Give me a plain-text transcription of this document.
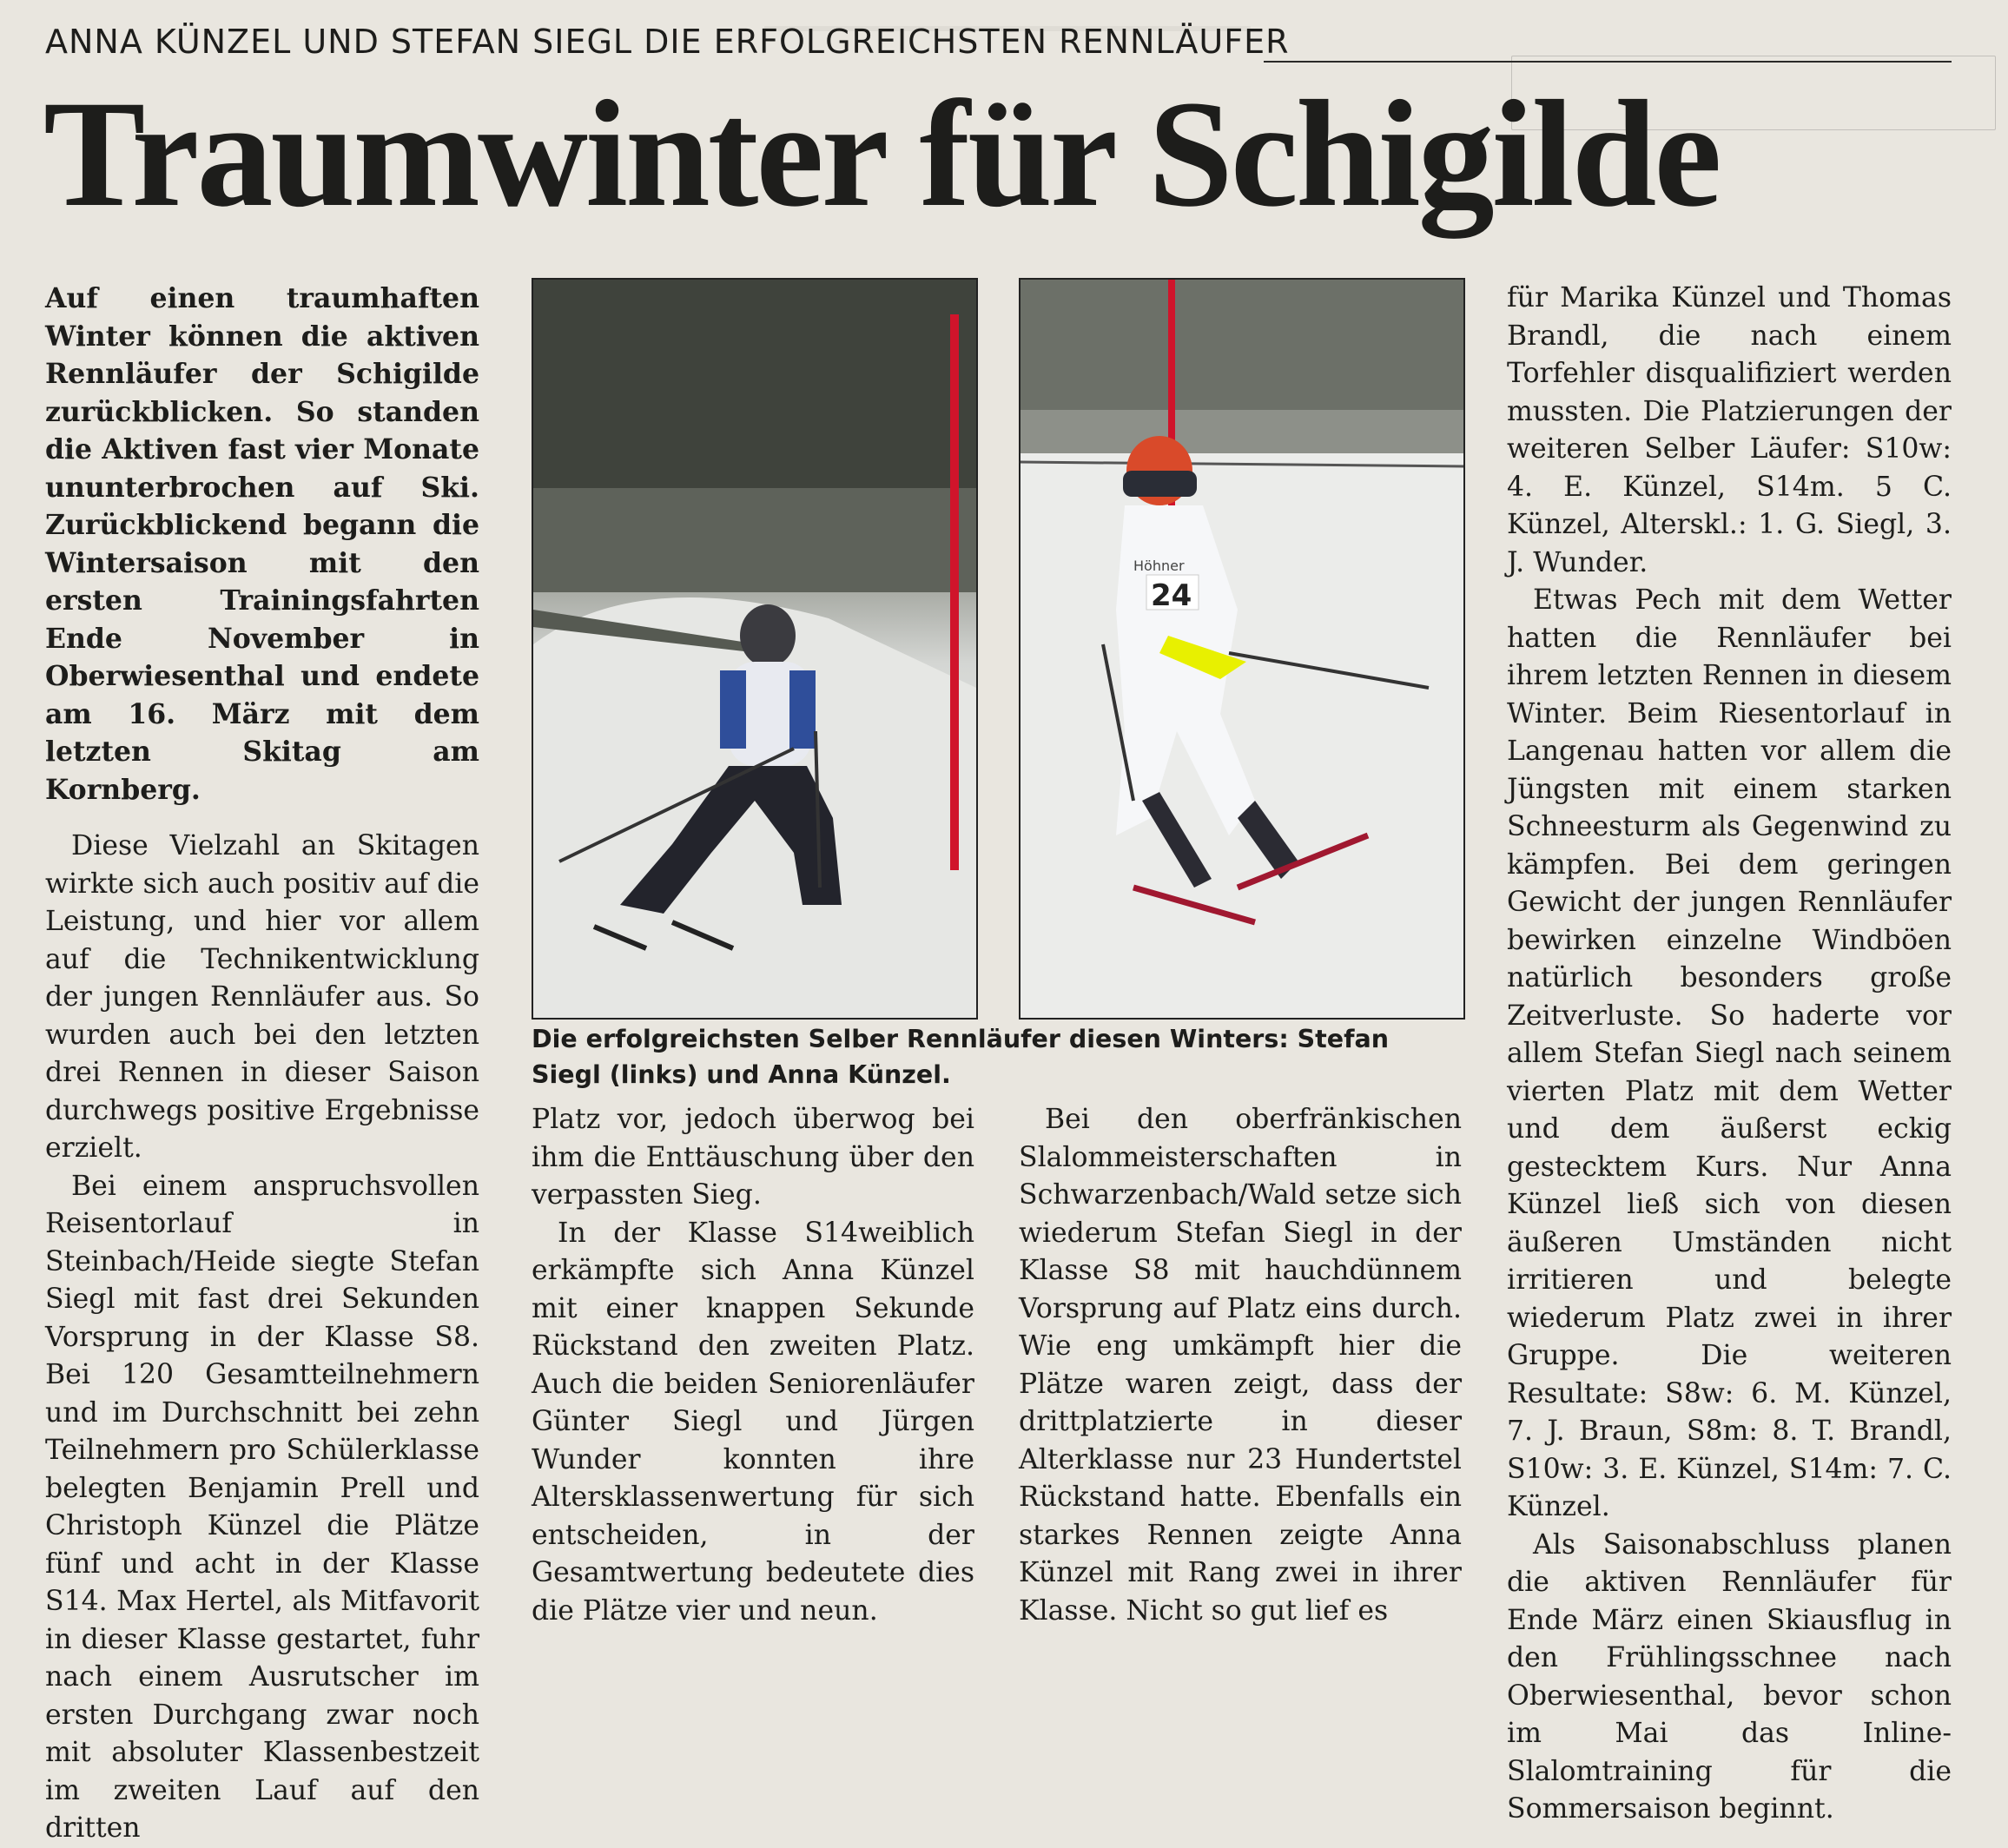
ANNA KÜNZEL UND STEFAN SIEGL DIE ERFOLGREICHSTEN RENNLÄUFER
Traumwinter für Schigilde

Auf einen traumhaften Winter können die aktiven Rennläufer der Schigilde zurückblicken. So standen die Aktiven fast vier Monate ununterbrochen auf Ski. Zurückblickend begann die Wintersaison mit den ersten Trainingsfahrten Ende November in Oberwiesenthal und endete am 16. März mit dem letzten Skitag am Kornberg.

Diese Vielzahl an Skitagen wirkte sich auch positiv auf die Leistung, und hier vor allem auf die Technikentwicklung der jungen Rennläufer aus. So wurden auch bei den letzten drei Rennen in dieser Saison durchwegs positive Ergebnisse erzielt.

Bei einem anspruchsvollen Reisentorlauf in Steinbach/Heide siegte Stefan Siegl mit fast drei Sekunden Vorsprung in der Klasse S8. Bei 120 Gesamtteilnehmern und im Durchschnitt bei zehn Teilnehmern pro Schülerklasse belegten Benjamin Prell und Christoph Künzel die Plätze fünf und acht in der Klasse S14. Max Hertel, als Mitfavorit in dieser Klasse gestartet, fuhr nach einem Ausrutscher im ersten Durchgang zwar noch mit absoluter Klassenbestzeit im zweiten Lauf auf den dritten

24
Höhner
Die erfolgreichsten Selber Rennläufer diesen Winters: Stefan Siegl (links) und Anna Künzel.

Platz vor, jedoch überwog bei ihm die Enttäuschung über den verpassten Sieg.

In der Klasse S14weiblich erkämpfte sich Anna Künzel mit einer knappen Sekunde Rückstand den zweiten Platz. Auch die beiden Seniorenläufer Günter Siegl und Jürgen Wunder konnten ihre Altersklassenwertung für sich entscheiden, in der Gesamtwertung bedeutete dies die Plätze vier und neun.

Bei den oberfränkischen Slalommeisterschaften in Schwarzenbach/Wald setze sich wiederum Stefan Siegl in der Klasse S8 mit hauchdünnem Vorsprung auf Platz eins durch. Wie eng umkämpft hier die Plätze waren zeigt, dass der drittplatzierte in dieser Alterklasse nur 23 Hundertstel Rückstand hatte. Ebenfalls ein starkes Rennen zeigte Anna Künzel mit Rang zwei in ihrer Klasse. Nicht so gut lief es

für Marika Künzel und Thomas Brandl, die nach einem Torfehler disqualifiziert werden mussten. Die Platzierungen der weiteren Selber Läufer: S10w: 4. E. Künzel, S14m. 5 C. Künzel, Alterskl.: 1. G. Siegl, 3. J. Wunder.

Etwas Pech mit dem Wetter hatten die Rennläufer bei ihrem letzten Rennen in diesem Winter. Beim Riesentorlauf in Langenau hatten vor allem die Jüngsten mit einem starken Schneesturm als Gegenwind zu kämpfen. Bei dem geringen Gewicht der jungen Rennläufer bewirken einzelne Windböen natürlich besonders große Zeitverluste. So haderte vor allem Stefan Siegl nach seinem vierten Platz mit dem Wetter und dem äußerst eckig gestecktem Kurs. Nur Anna Künzel ließ sich von diesen äußeren Umständen nicht irritieren und belegte wiederum Platz zwei in ihrer Gruppe. Die weiteren Resultate: S8w: 6. M. Künzel, 7. J. Braun, S8m: 8. T. Brandl, S10w: 3. E. Künzel, S14m: 7. C. Künzel.

Als Saisonabschluss planen die aktiven Rennläufer für Ende März einen Skiausflug in den Frühlingsschnee nach Oberwiesenthal, bevor schon im Mai das Inline-Slalomtraining für die Sommersaison beginnt.
